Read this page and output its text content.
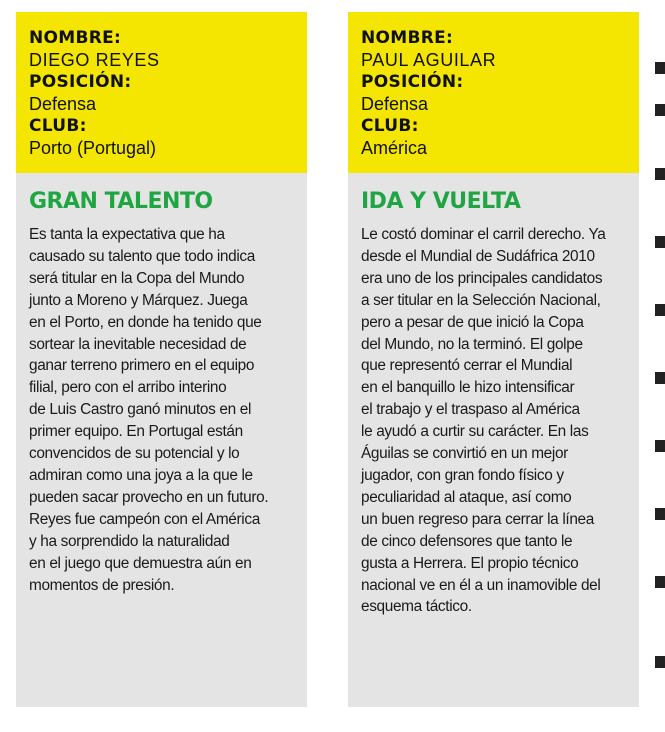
NOMBRE:
DIEGO REYES
POSICIÓN:
Defensa
CLUB:
Porto (Portugal)
GRAN TALENTO
Es tanta la expectativa que ha
causado su talento que todo indica
será titular en la Copa del Mundo
junto a Moreno y Márquez. Juega
en el Porto, en donde ha tenido que
sortear la inevitable necesidad de
ganar terreno primero en el equipo
filial, pero con el arribo interino
de Luis Castro ganó minutos en el
primer equipo. En Portugal están
convencidos de su potencial y lo
admiran como una joya a la que le
pueden sacar provecho en un futuro.
Reyes fue campeón con el América
y ha sorprendido la naturalidad
en el juego que demuestra aún en
momentos de presión.
NOMBRE:
PAUL AGUILAR
POSICIÓN:
Defensa
CLUB:
América
IDA Y VUELTA
Le costó dominar el carril derecho. Ya
desde el Mundial de Sudáfrica 2010
era uno de los principales candidatos
a ser titular en la Selección Nacional,
pero a pesar de que inició la Copa
del Mundo, no la terminó. El golpe
que representó cerrar el Mundial
en el banquillo le hizo intensificar
el trabajo y el traspaso al América
le ayudó a curtir su carácter. En las
Águilas se convirtió en un mejor
jugador, con gran fondo físico y
peculiaridad al ataque, así como
un buen regreso para cerrar la línea
de cinco defensores que tanto le
gusta a Herrera. El propio técnico
nacional ve en él a un inamovible del
esquema táctico.
